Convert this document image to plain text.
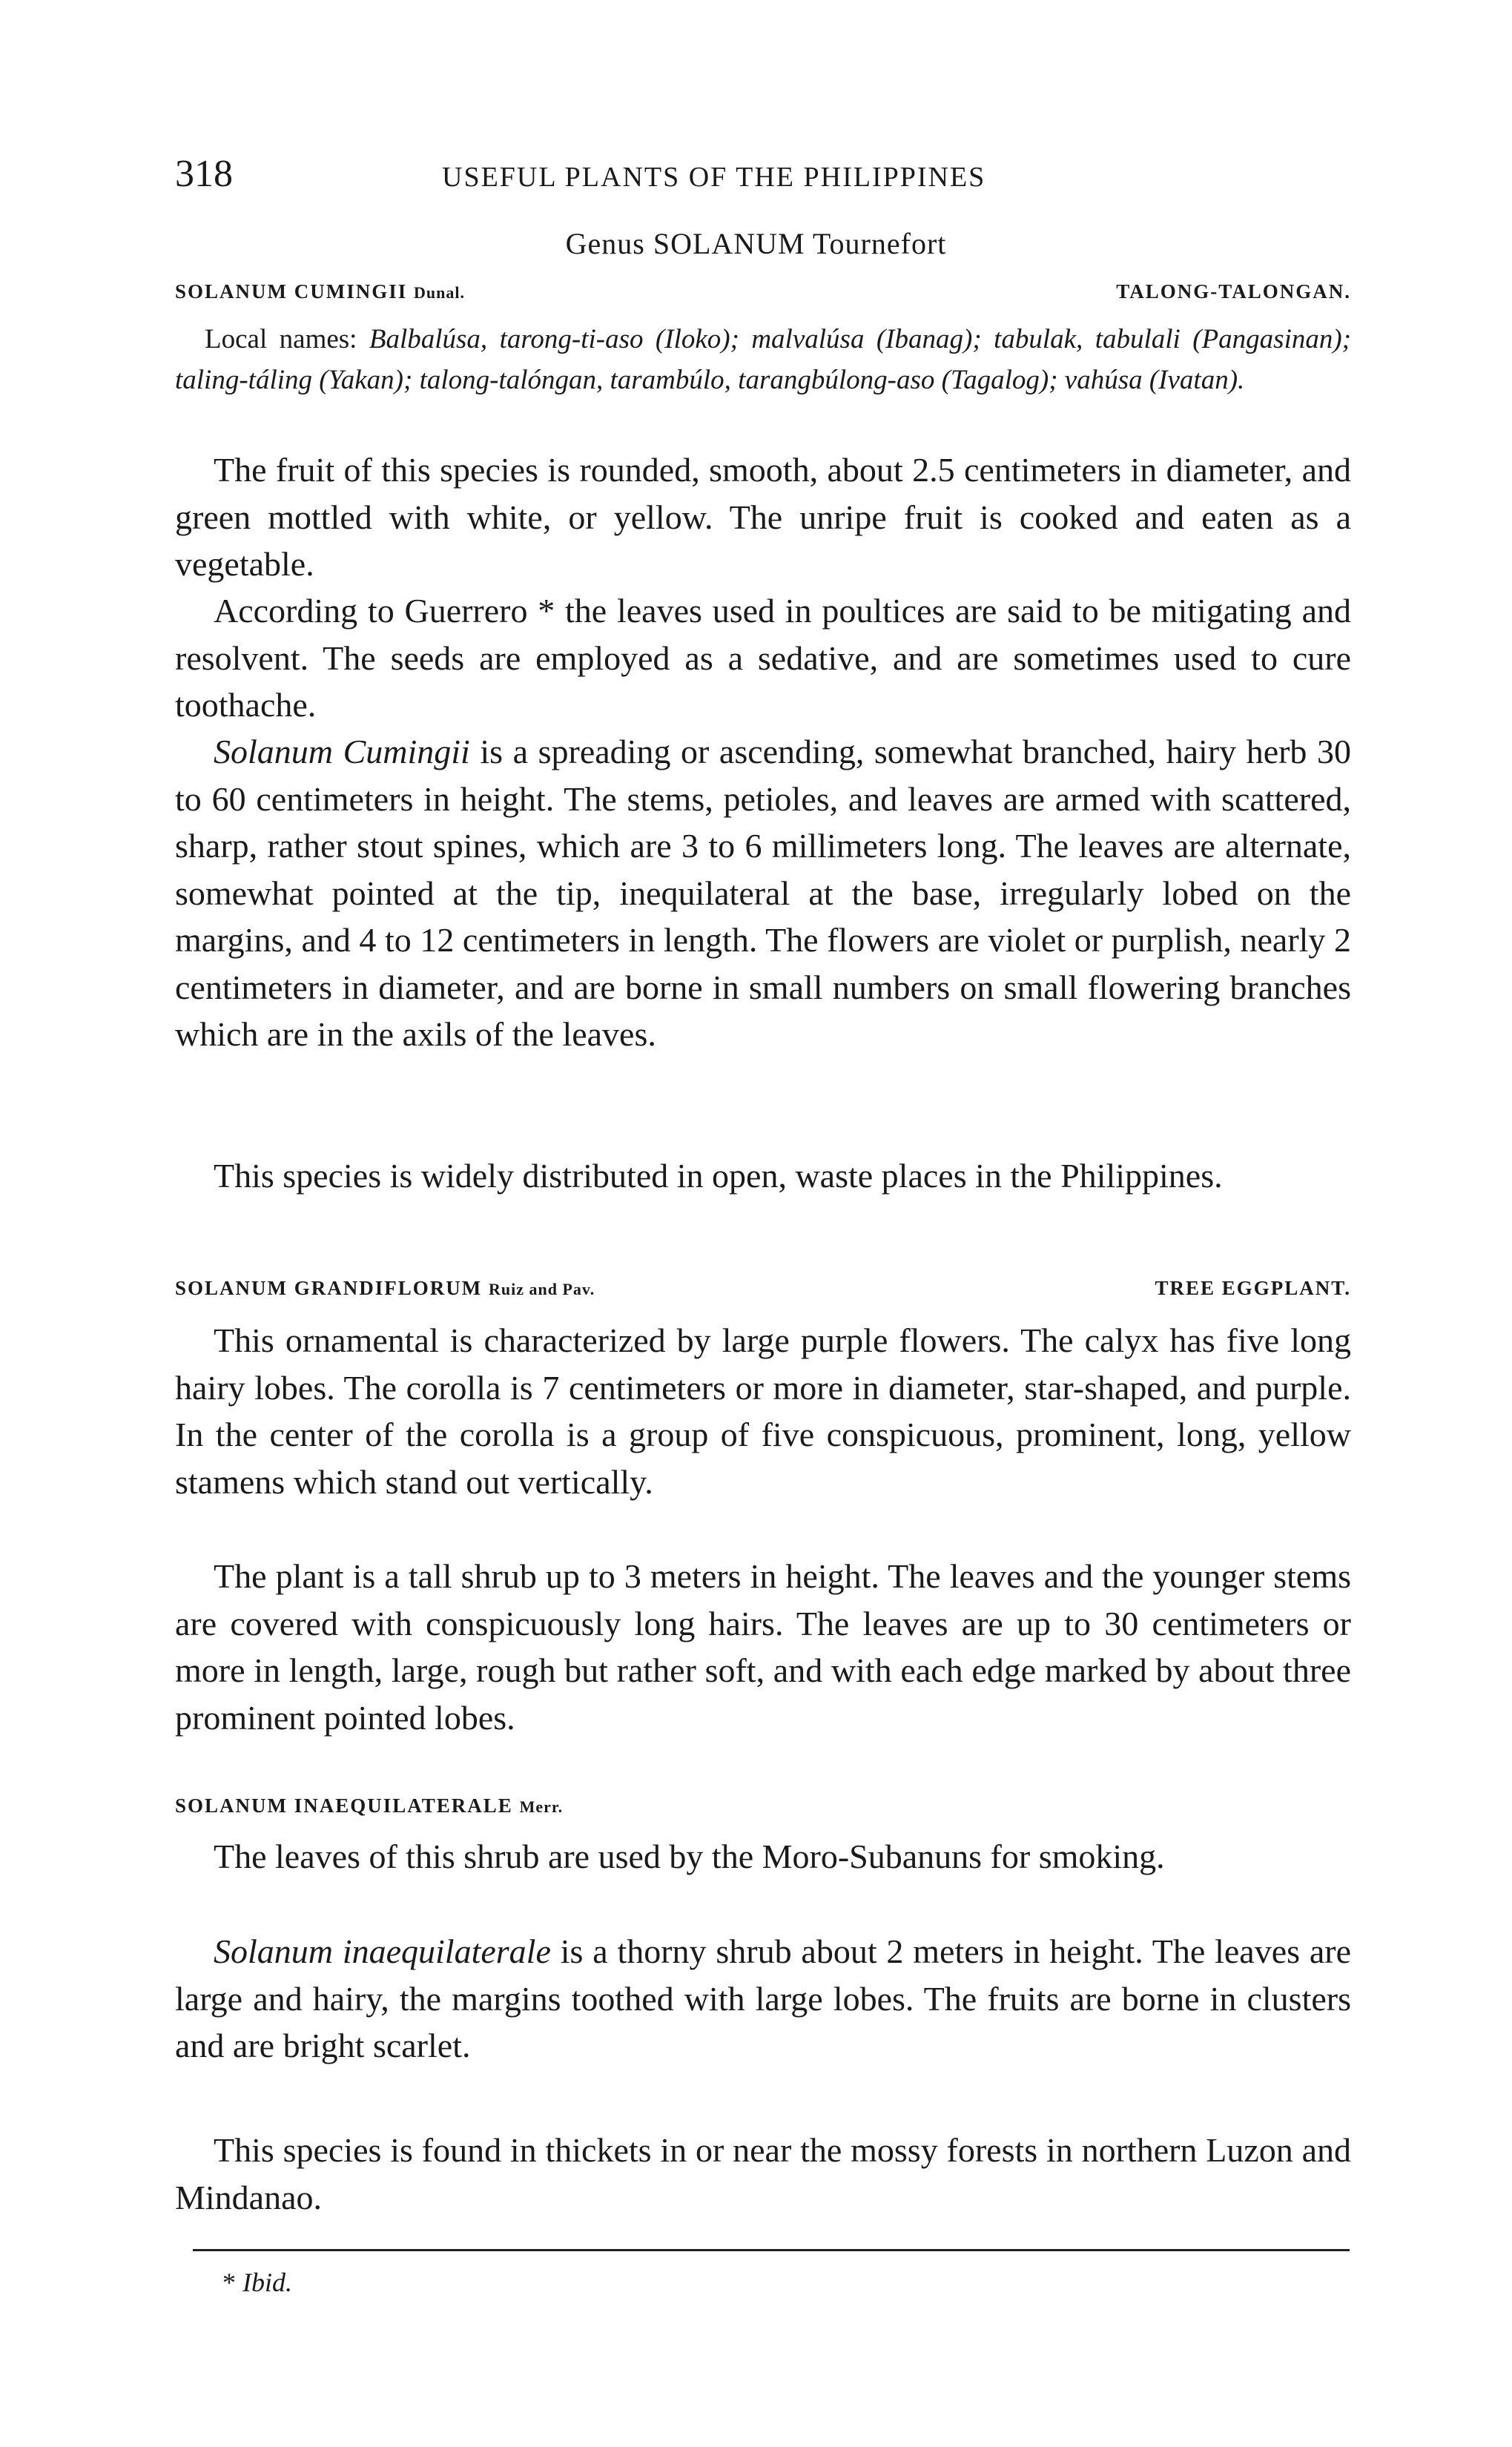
318	USEFUL PLANTS OF THE PHILIPPINES
Genus SOLANUM Tournefort
SOLANUM CUMINGII Dunal.	TALONG-TALONGAN.

Local names: Balbalúsa, tarong-ti-aso (Iloko); malvalúsa (Ibanag); tabulak, tabulali (Pangasinan); taling-táling (Yakan); talong-talóngan, tarambúlo, tarangbúlong-aso (Tagalog); vahúsa (Ivatan).

The fruit of this species is rounded, smooth, about 2.5 centimeters in diameter, and green mottled with white, or yellow. The unripe fruit is cooked and eaten as a vegetable.

According to Guerrero * the leaves used in poultices are said to be mitigating and resolvent. The seeds are employed as a sedative, and are sometimes used to cure toothache.

Solanum Cumingii is a spreading or ascending, somewhat branched, hairy herb 30 to 60 centimeters in height. The stems, petioles, and leaves are armed with scattered, sharp, rather stout spines, which are 3 to 6 millimeters long. The leaves are alternate, somewhat pointed at the tip, inequilateral at the base, irregularly lobed on the margins, and 4 to 12 centimeters in length. The flowers are violet or purplish, nearly 2 centimeters in diameter, and are borne in small numbers on small flowering branches which are in the axils of the leaves.

This species is widely distributed in open, waste places in the Philippines.

SOLANUM GRANDIFLORUM Ruiz and Pav.	TREE EGGPLANT.

This ornamental is characterized by large purple flowers. The calyx has five long hairy lobes. The corolla is 7 centimeters or more in diameter, star-shaped, and purple. In the center of the corolla is a group of five conspicuous, prominent, long, yellow stamens which stand out vertically.

The plant is a tall shrub up to 3 meters in height. The leaves and the younger stems are covered with conspicuously long hairs. The leaves are up to 30 centimeters or more in length, large, rough but rather soft, and with each edge marked by about three prominent pointed lobes.

SOLANUM INAEQUILATERALE Merr.

The leaves of this shrub are used by the Moro-Subanuns for smoking.

Solanum inaequilaterale is a thorny shrub about 2 meters in height. The leaves are large and hairy, the margins toothed with large lobes. The fruits are borne in clusters and are bright scarlet.

This species is found in thickets in or near the mossy forests in northern Luzon and Mindanao.

* Ibid.
